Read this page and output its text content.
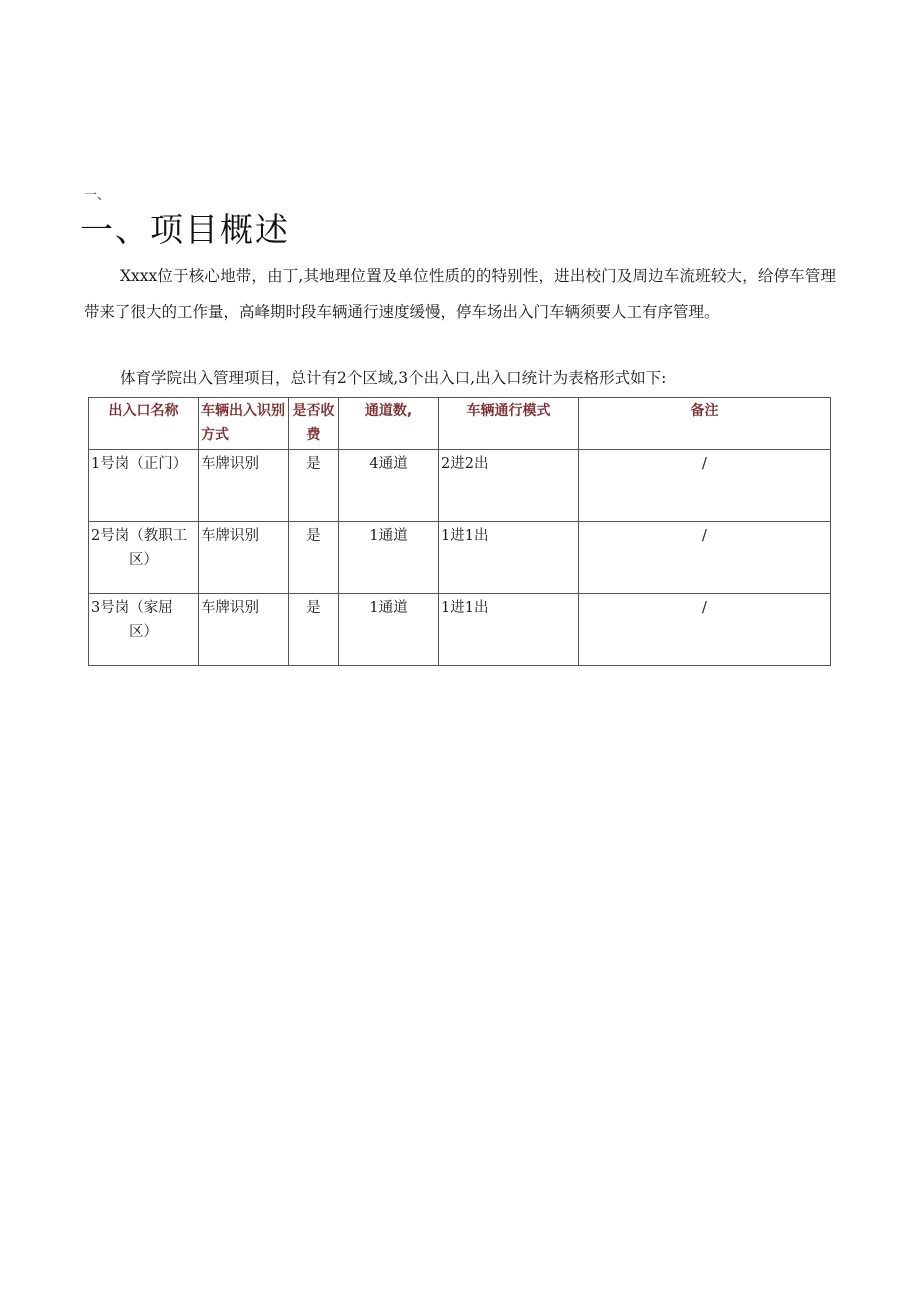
一、
一、项目概述

Xxxx位于核心地带，由丁,其地理位置及单位性质的的特别性，进出校门及周边车流班较大，给停车管理带来了很大的工作量，高峰期时段车辆通行速度缓慢，停车场出入门车辆须要人工有序管理。

体育学院出入管理项目，总计有2个区域,3个出入口,出入口统计为表格形式如下:

出入口名称	车辆出入识别方式	是否收费	通道数,	车辆通行模式	备注

1号岗（正门）	车牌识别	是	4通道	2进2出	/

2号岗（教职工
区）	车牌识别	是	1通道	1进1出	/

3号岗（家屈
区）	车牌识别	是	1通道	1进1出	/
